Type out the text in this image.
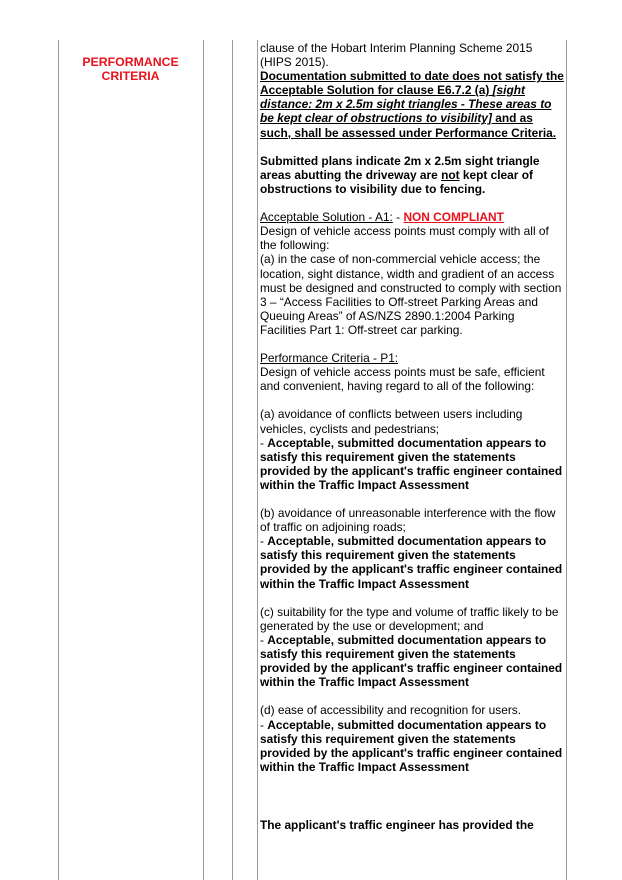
PERFORMANCE
CRITERIA

clause of the Hobart Interim Planning Scheme 2015

(HIPS 2015).

Documentation submitted to date does not satisfy the Acceptable Solution for clause E6.7.2 (a) [sight distance: 2m x 2.5m sight triangles - These areas to be kept clear of obstructions to visibility] and as such, shall be assessed under Performance Criteria.

Submitted plans indicate 2m x 2.5m sight triangle areas abutting the driveway are not kept clear of obstructions to visibility due to fencing.

Acceptable Solution - A1: - NON COMPLIANT

Design of vehicle access points must comply with all of the following:

(a) in the case of non-commercial vehicle access; the location, sight distance, width and gradient of an access must be designed and constructed to comply with section 3 – “Access Facilities to Off-street Parking Areas and Queuing Areas” of AS/NZS 2890.1:2004 Parking Facilities Part 1: Off-street car parking.

Performance Criteria - P1:

Design of vehicle access points must be safe, efficient and convenient, having regard to all of the following:

(a) avoidance of conflicts between users including vehicles, cyclists and pedestrians;

- Acceptable, submitted documentation appears to satisfy this requirement given the statements provided by the applicant's traffic engineer contained within the Traffic Impact Assessment

(b) avoidance of unreasonable interference with the flow of traffic on adjoining roads;

- Acceptable, submitted documentation appears to satisfy this requirement given the statements provided by the applicant's traffic engineer contained within the Traffic Impact Assessment

(c) suitability for the type and volume of traffic likely to be generated by the use or development; and

- Acceptable, submitted documentation appears to satisfy this requirement given the statements provided by the applicant's traffic engineer contained within the Traffic Impact Assessment

(d) ease of accessibility and recognition for users.

- Acceptable, submitted documentation appears to satisfy this requirement given the statements provided by the applicant's traffic engineer contained within the Traffic Impact Assessment

The applicant's traffic engineer has provided the
